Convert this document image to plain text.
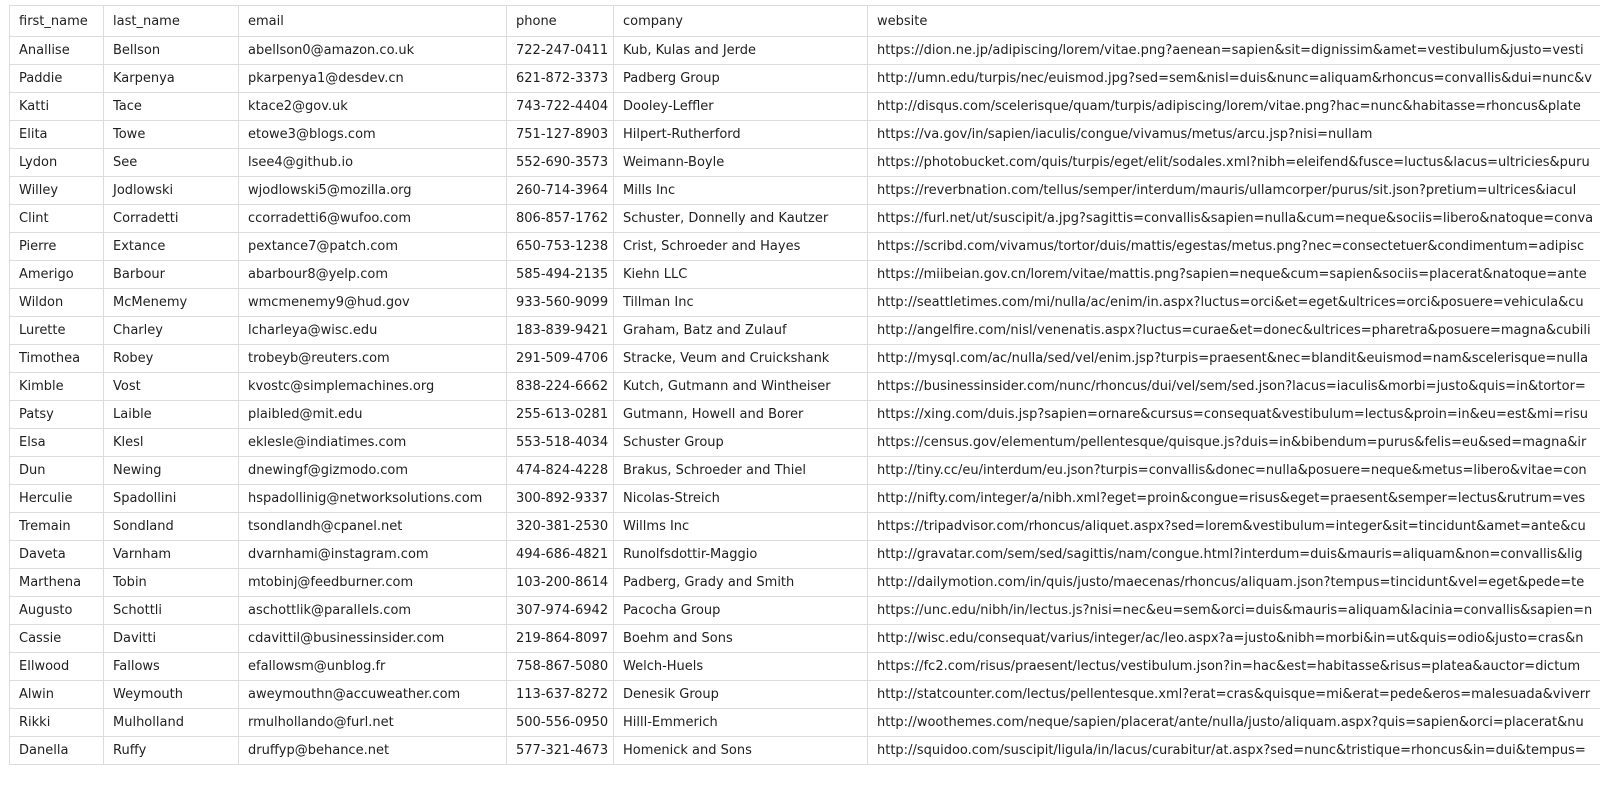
first_name	last_name	email	phone	company	website
Anallise	Bellson	abellson0@amazon.co.uk	722-247-0411	Kub, Kulas and Jerde	https://dion.ne.jp/adipiscing/lorem/vitae.png?aenean=sapien&sit=dignissim&amet=vestibulum&justo=vesti
Paddie	Karpenya	pkarpenya1@desdev.cn	621-872-3373	Padberg Group	http://umn.edu/turpis/nec/euismod.jpg?sed=sem&nisl=duis&nunc=aliquam&rhoncus=convallis&dui=nunc&v
Katti	Tace	ktace2@gov.uk	743-722-4404	Dooley-Leffler	http://disqus.com/scelerisque/quam/turpis/adipiscing/lorem/vitae.png?hac=nunc&habitasse=rhoncus&plate
Elita	Towe	etowe3@blogs.com	751-127-8903	Hilpert-Rutherford	https://va.gov/in/sapien/iaculis/congue/vivamus/metus/arcu.jsp?nisi=nullam
Lydon	See	lsee4@github.io	552-690-3573	Weimann-Boyle	https://photobucket.com/quis/turpis/eget/elit/sodales.xml?nibh=eleifend&fusce=luctus&lacus=ultricies&puru
Willey	Jodlowski	wjodlowski5@mozilla.org	260-714-3964	Mills Inc	https://reverbnation.com/tellus/semper/interdum/mauris/ullamcorper/purus/sit.json?pretium=ultrices&iacul
Clint	Corradetti	ccorradetti6@wufoo.com	806-857-1762	Schuster, Donnelly and Kautzer	https://furl.net/ut/suscipit/a.jpg?sagittis=convallis&sapien=nulla&cum=neque&sociis=libero&natoque=conva
Pierre	Extance	pextance7@patch.com	650-753-1238	Crist, Schroeder and Hayes	https://scribd.com/vivamus/tortor/duis/mattis/egestas/metus.png?nec=consectetuer&condimentum=adipisc
Amerigo	Barbour	abarbour8@yelp.com	585-494-2135	Kiehn LLC	https://miibeian.gov.cn/lorem/vitae/mattis.png?sapien=neque&cum=sapien&sociis=placerat&natoque=ante
Wildon	McMenemy	wmcmenemy9@hud.gov	933-560-9099	Tillman Inc	http://seattletimes.com/mi/nulla/ac/enim/in.aspx?luctus=orci&et=eget&ultrices=orci&posuere=vehicula&cu
Lurette	Charley	lcharleya@wisc.edu	183-839-9421	Graham, Batz and Zulauf	http://angelfire.com/nisl/venenatis.aspx?luctus=curae&et=donec&ultrices=pharetra&posuere=magna&cubili
Timothea	Robey	trobeyb@reuters.com	291-509-4706	Stracke, Veum and Cruickshank	http://mysql.com/ac/nulla/sed/vel/enim.jsp?turpis=praesent&nec=blandit&euismod=nam&scelerisque=nulla
Kimble	Vost	kvostc@simplemachines.org	838-224-6662	Kutch, Gutmann and Wintheiser	https://businessinsider.com/nunc/rhoncus/dui/vel/sem/sed.json?lacus=iaculis&morbi=justo&quis=in&tortor=
Patsy	Laible	plaibled@mit.edu	255-613-0281	Gutmann, Howell and Borer	https://xing.com/duis.jsp?sapien=ornare&cursus=consequat&vestibulum=lectus&proin=in&eu=est&mi=risu
Elsa	Klesl	eklesle@indiatimes.com	553-518-4034	Schuster Group	https://census.gov/elementum/pellentesque/quisque.js?duis=in&bibendum=purus&felis=eu&sed=magna&ir
Dun	Newing	dnewingf@gizmodo.com	474-824-4228	Brakus, Schroeder and Thiel	http://tiny.cc/eu/interdum/eu.json?turpis=convallis&donec=nulla&posuere=neque&metus=libero&vitae=con
Herculie	Spadollini	hspadollinig@networksolutions.com	300-892-9337	Nicolas-Streich	http://nifty.com/integer/a/nibh.xml?eget=proin&congue=risus&eget=praesent&semper=lectus&rutrum=ves
Tremain	Sondland	tsondlandh@cpanel.net	320-381-2530	Willms Inc	https://tripadvisor.com/rhoncus/aliquet.aspx?sed=lorem&vestibulum=integer&sit=tincidunt&amet=ante&cu
Daveta	Varnham	dvarnhami@instagram.com	494-686-4821	Runolfsdottir-Maggio	http://gravatar.com/sem/sed/sagittis/nam/congue.html?interdum=duis&mauris=aliquam&non=convallis&lig
Marthena	Tobin	mtobinj@feedburner.com	103-200-8614	Padberg, Grady and Smith	http://dailymotion.com/in/quis/justo/maecenas/rhoncus/aliquam.json?tempus=tincidunt&vel=eget&pede=te
Augusto	Schottli	aschottlik@parallels.com	307-974-6942	Pacocha Group	https://unc.edu/nibh/in/lectus.js?nisi=nec&eu=sem&orci=duis&mauris=aliquam&lacinia=convallis&sapien=n
Cassie	Davitti	cdavittil@businessinsider.com	219-864-8097	Boehm and Sons	http://wisc.edu/consequat/varius/integer/ac/leo.aspx?a=justo&nibh=morbi&in=ut&quis=odio&justo=cras&n
Ellwood	Fallows	efallowsm@unblog.fr	758-867-5080	Welch-Huels	https://fc2.com/risus/praesent/lectus/vestibulum.json?in=hac&est=habitasse&risus=platea&auctor=dictum
Alwin	Weymouth	aweymouthn@accuweather.com	113-637-8272	Denesik Group	http://statcounter.com/lectus/pellentesque.xml?erat=cras&quisque=mi&erat=pede&eros=malesuada&viverr
Rikki	Mulholland	rmulhollando@furl.net	500-556-0950	Hilll-Emmerich	http://woothemes.com/neque/sapien/placerat/ante/nulla/justo/aliquam.aspx?quis=sapien&orci=placerat&nu
Danella	Ruffy	druffyp@behance.net	577-321-4673	Homenick and Sons	http://squidoo.com/suscipit/ligula/in/lacus/curabitur/at.aspx?sed=nunc&tristique=rhoncus&in=dui&tempus=
